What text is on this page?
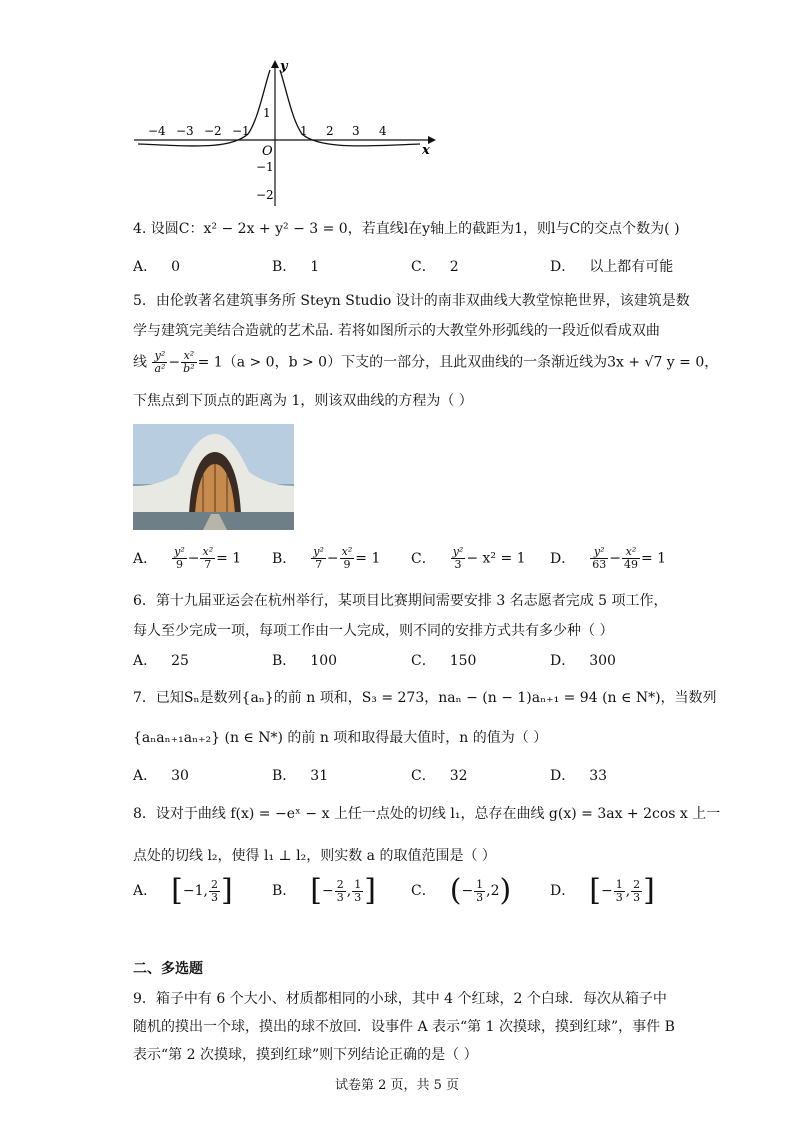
y
x
O
−4 −3 −2 −1	1 2 3 4
1
−1
−2
4. 设圆C：x² − 2x + y² − 3 = 0，若直线l在y轴上的截距为1，则l与C的交点个数为( )
A． 0	B． 1	C． 2	D． 以上都有可能
5．由伦敦著名建筑事务所 Steyn Studio 设计的南非双曲线大教堂惊艳世界，该建筑是数
学与建筑完美结合造就的艺术品. 若将如图所示的大教堂外形弧线的一段近似看成双曲
线 $\frac{\text{y²}}{\text{a²}} - \frac{\text{x²}}{\text{b²}} = 1(a > 0$，b > 0）下支的一部分，且此双曲线的一条渐近线为3x + √7 y = 0，
下焦点到下顶点的距离为 1，则该双曲线的方程为（ ）
A． $\frac{\text{y²}}{9} - \frac{\text{x²}}{7} = 1$ B． $\frac{\text{y²}}{7} - \frac{\text{x²}}{9} = 1$ C． $\frac{\text{y²}}{3} - x^2 = 1$ D． $\frac{\text{y²}}{63} - \frac{\text{x²}}{49} = 1$
6．第十九届亚运会在杭州举行，某项目比赛期间需要安排 3 名志愿者完成 5 项工作，
每人至少完成一项，每项工作由一人完成，则不同的安排方式共有多少种（ ）
A． 25	B． 100	C． 150	D． 300
7．已知Sₙ是数列{aₙ}的前 n 项和，S₃ = 273，naₙ − (n − 1)aₙ₊₁ = 94 (n ∈ N*)，当数列
{aₙaₙ₊₁aₙ₊₂} (n ∈ N*) 的前 n 项和取得最大值时，n 的值为（ ）
A． 30	B． 31	C． 32	D． 33
8．设对于曲线 f(x) = −eˣ − x 上任一点处的切线 l₁，总存在曲线 g(x) = 3ax + 2cos x 上一
点处的切线 l₂，使得 l₁ ⊥ l₂，则实数 a 的取值范围是（ ）
A． [−1, $\frac{2}{3}$ ]	B． [− $\frac{2}{3}$ , $\frac{1}{3}$ ]	C． (− $\frac{1}{3} ,2$)	D． [− $\frac{1}{3}$ , $\frac{2}{3}$ ]
二、多选题
9．箱子中有 6 个大小、材质都相同的小球，其中 4 个红球，2 个白球．每次从箱子中
随机的摸出一个球，摸出的球不放回．设事件 A 表示“第 1 次摸球，摸到红球”，事件 B
表示“第 2 次摸球，摸到红球”则下列结论正确的是（ ）
试卷第 2 页，共 5 页
